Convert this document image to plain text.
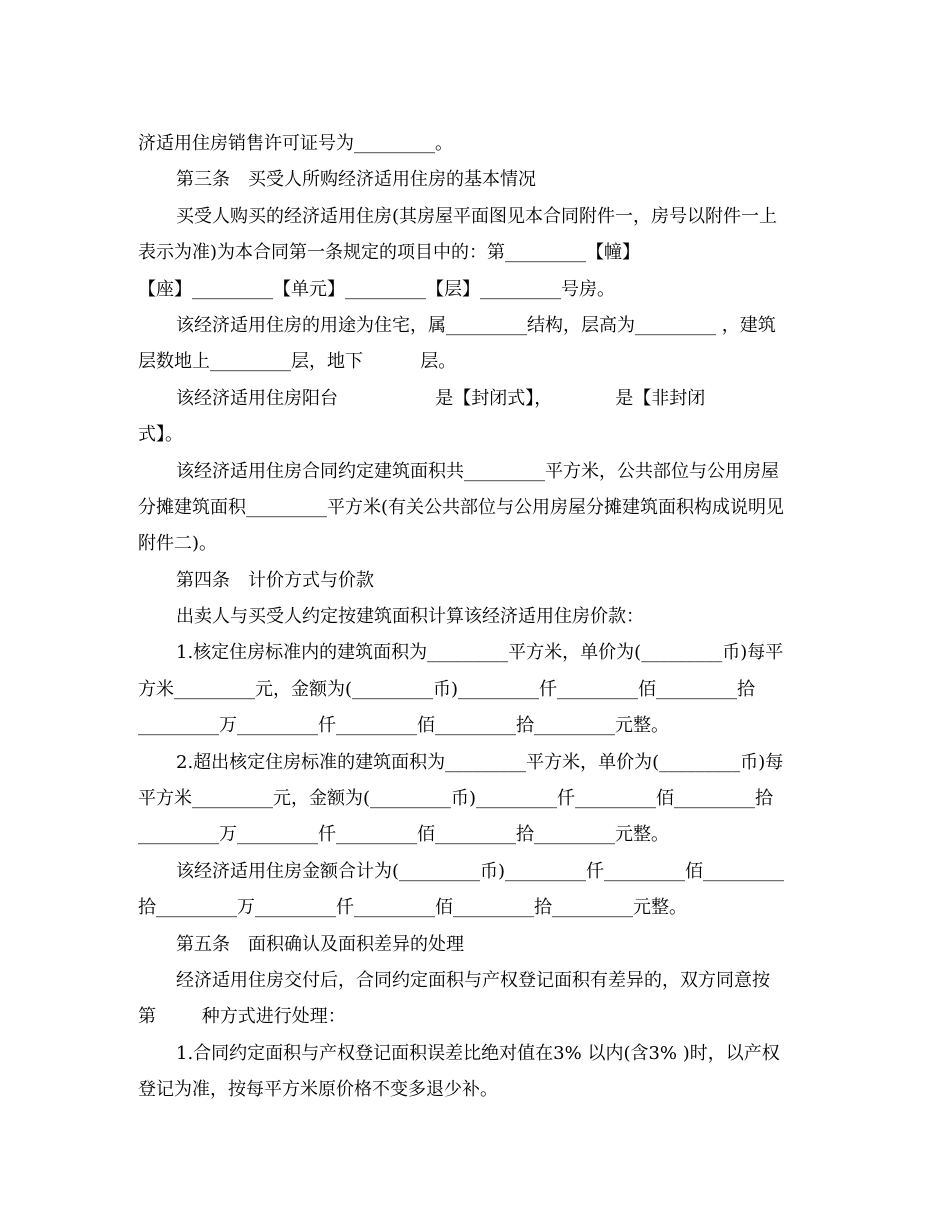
济适用住房销售许可证号为_________。
第三条　买受人所购经济适用住房的基本情况
买受人购买的经济适用住房(其房屋平面图见本合同附件一，房号以附件一上
表示为准)为本合同第一条规定的项目中的：第_________【幢】
【座】_________【单元】_________【层】_________号房。
该经济适用住房的用途为住宅，属_________结构，层高为_________ ，建筑
层数地上_________层，地下          层。
该经济适用住房阳台                 是【封闭式】，           是【非封闭
式】。
该经济适用住房合同约定建筑面积共_________平方米，公共部位与公用房屋
分摊建筑面积_________平方米(有关公共部位与公用房屋分摊建筑面积构成说明见
附件二)。
第四条　计价方式与价款
出卖人与买受人约定按建筑面积计算该经济适用住房价款：
1.核定住房标准内的建筑面积为_________平方米，单价为(_________币)每平
方米_________元，金额为(_________币)_________仟_________佰_________拾
_________万_________仟_________佰_________拾_________元整。
2.超出核定住房标准的建筑面积为_________平方米，单价为(_________币)每
平方米_________元，金额为(_________币)_________仟_________佰_________拾
_________万_________仟_________佰_________拾_________元整。
该经济适用住房金额合计为(_________币)_________仟_________佰_________
拾_________万_________仟_________佰_________拾_________元整。
第五条　面积确认及面积差异的处理
经济适用住房交付后，合同约定面积与产权登记面积有差异的，双方同意按
第        种方式进行处理：
1.合同约定面积与产权登记面积误差比绝对值在3% 以内(含3% )时，以产权
登记为准，按每平方米原价格不变多退少补。
